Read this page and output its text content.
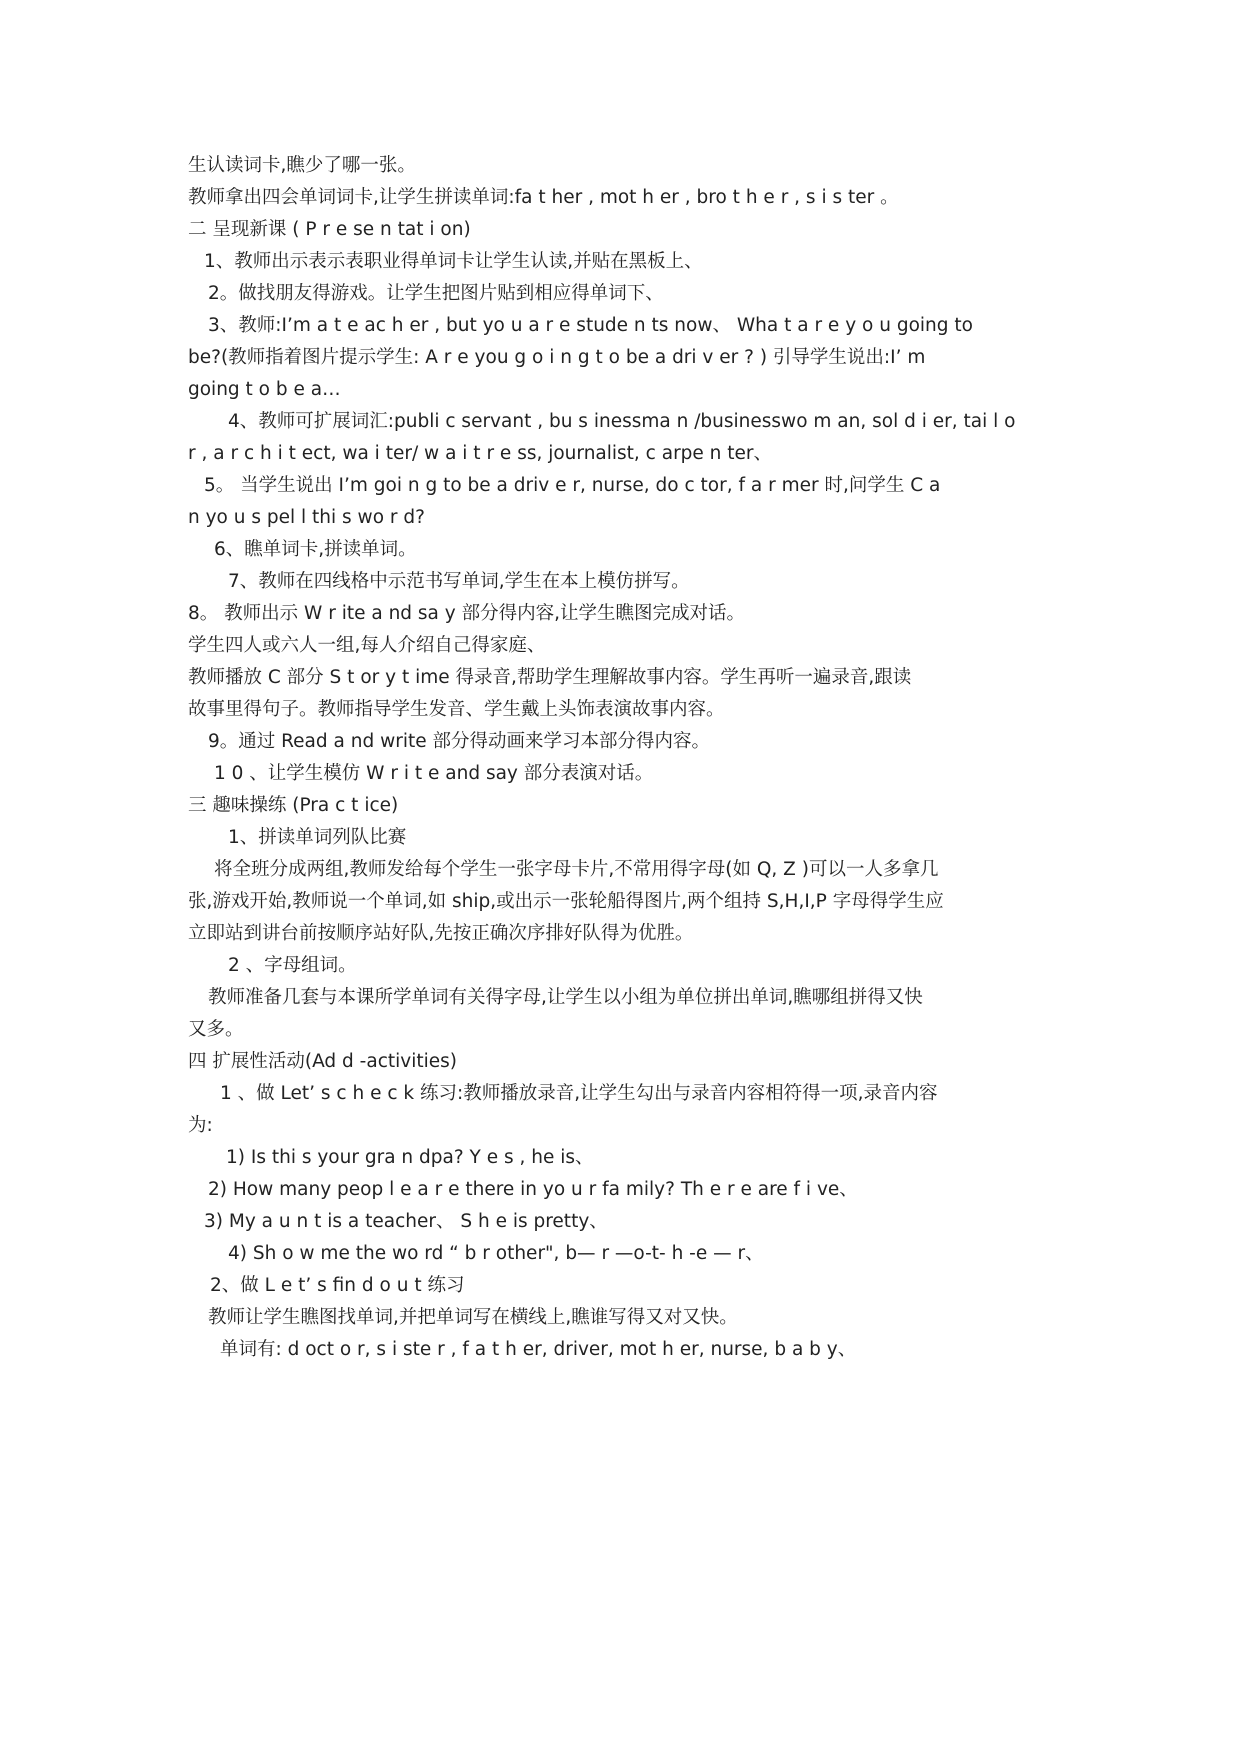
生认读词卡,瞧少了哪一张。
教师拿出四会单词词卡,让学生拼读单词:fa t her , mot h er , bro t h e r , s i s ter 。
二 呈现新课 ( P r e se n tat i on)
1、教师出示表示表职业得单词卡让学生认读,并贴在黑板上、
2。做找朋友得游戏。让学生把图片贴到相应得单词下、
3、教师:I’m a t e ac h er , but yo u a r e stude n ts now、 Wha t a r e y o u going to
be?(教师指着图片提示学生: A r e you g o i n g t o be a dri v er ? ) 引导学生说出:I’ m
going t o b e a…
4、教师可扩展词汇:publi c servant , bu s inessma n /businesswo m an, sol d i er, tai l o
r , a r c h i t ect, wa i ter/ w a i t r e ss, journalist, c arpe n ter、
5。 当学生说出 I’m goi n g to be a driv e r, nurse, do c tor, f a r mer 时,问学生 C a
n yo u s pel l thi s wo r d?
6、瞧单词卡,拼读单词。
7、教师在四线格中示范书写单词,学生在本上模仿拼写。
8。 教师出示 W r ite a nd sa y 部分得内容,让学生瞧图完成对话。
学生四人或六人一组,每人介绍自己得家庭、
教师播放 C 部分 S t or y t ime 得录音,帮助学生理解故事内容。学生再听一遍录音,跟读
故事里得句子。教师指导学生发音、学生戴上头饰表演故事内容。
9。通过 Read a nd write 部分得动画来学习本部分得内容。
1 0 、让学生模仿 W r i t e and say 部分表演对话。
三 趣味操练 (Pra c t ice)
1、拼读单词列队比赛
将全班分成两组,教师发给每个学生一张字母卡片,不常用得字母(如 Q, Z )可以一人多拿几
张,游戏开始,教师说一个单词,如 ship,或出示一张轮船得图片,两个组持 S,H,I,P 字母得学生应
立即站到讲台前按顺序站好队,先按正确次序排好队得为优胜。
2 、字母组词。
教师准备几套与本课所学单词有关得字母,让学生以小组为单位拼出单词,瞧哪组拼得又快
又多。
四 扩展性活动(Ad d -activities)
1 、做 Let’ s c h e c k 练习:教师播放录音,让学生勾出与录音内容相符得一项,录音内容
为:
1) Is thi s your gra n dpa? Y e s , he is、
2) How many peop l e a r e there in yo u r fa mily? Th e r e are f i ve、
3) My a u n t is a teacher、 S h e is pretty、
4) Sh o w me the wo rd “ b r other", b— r —o-t- h -e — r、
2、做 L e t’ s fin d o u t 练习
教师让学生瞧图找单词,并把单词写在横线上,瞧谁写得又对又快。
单词有: d oct o r, s i ste r , f a t h er, driver, mot h er, nurse, b a b y、
